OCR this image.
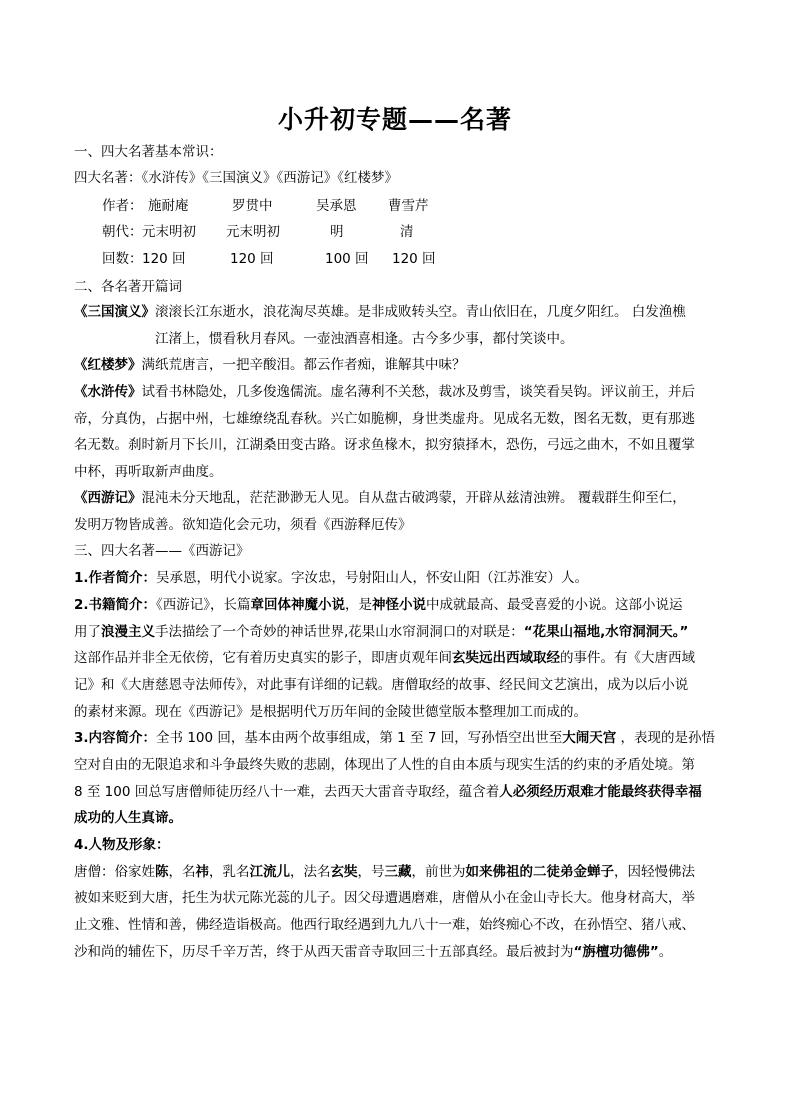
小升初专题——名著
一、四大名著基本常识：
四大名著：《水浒传》《三国演义》《西游记》《红楼梦》
作者： 施耐庵	罗贯中	吴承恩 曹雪芹
朝代： 元末明初 元末明初	明	清
回数： 120 回	120 回	100 回 120 回
二、各名著开篇词
《三国演义》滚滚长江东逝水，浪花淘尽英雄。是非成败转头空。青山依旧在，几度夕阳红。 白发渔樵
江渚上，惯看秋月春风。一壶浊酒喜相逢。古今多少事，都付笑谈中。
《红楼梦》满纸荒唐言，一把辛酸泪。都云作者痴，谁解其中味？
《水浒传》试看书林隐处，几多俊逸儒流。虚名薄利不关愁，裁冰及剪雪，谈笑看吴钩。评议前王，并后
帝，分真伪，占据中州，七雄缭绕乱春秋。兴亡如脆柳，身世类虚舟。见成名无数，图名无数，更有那逃
名无数。刹时新月下长川，江湖桑田变古路。讶求鱼椽木，拟穷猿择木，恐伤，弓远之曲木，不如且覆掌
中杯，再听取新声曲度。
《西游记》混沌未分天地乱，茫茫渺渺无人见。自从盘古破鸿蒙，开辟从兹清浊辨。 覆载群生仰至仁，
发明万物皆成善。欲知造化会元功，须看《西游释厄传》
三、四大名著——《西游记》
1.作者简介：吴承恩，明代小说家。字汝忠，号射阳山人，怀安山阳（江苏淮安）人。
2.书籍简介：《西游记》，长篇章回体神魔小说，是神怪小说中成就最高、最受喜爱的小说。这部小说运
用了浪漫主义手法描绘了一个奇妙的神话世界,花果山水帘洞洞口的对联是：“花果山福地,水帘洞洞天。”
这部作品并非全无依傍，它有着历史真实的影子，即唐贞观年间玄奘远出西域取经的事件。有《大唐西域
记》和《大唐慈恩寺法师传》，对此事有详细的记载。唐僧取经的故事、经民间文艺演出，成为以后小说
的素材来源。现在《西游记》是根据明代万历年间的金陵世德堂版本整理加工而成的。
3.内容简介：全书 100 回，基本由两个故事组成，第 1 至 7 回，写孙悟空出世至大闹天宫 ，表现的是孙悟
空对自由的无限追求和斗争最终失败的悲剧，体现出了人性的自由本质与现实生活的约束的矛盾处境。第
8 至 100 回总写唐僧师徒历经八十一难，去西天大雷音寺取经，蕴含着人必须经历艰难才能最终获得幸福
成功的人生真谛。
4.人物及形象：
唐僧：俗家姓陈，名祎，乳名江流儿，法名玄奘，号三藏，前世为如来佛祖的二徒弟金蝉子，因轻慢佛法
被如来贬到大唐，托生为状元陈光蕊的儿子。因父母遭遇磨难，唐僧从小在金山寺长大。他身材高大，举
止文雅、性情和善，佛经造诣极高。他西行取经遇到九九八十一难，始终痴心不改，在孙悟空、猪八戒、
沙和尚的辅佐下，历尽千辛万苦，终于从西天雷音寺取回三十五部真经。最后被封为“旃檀功德佛”。
